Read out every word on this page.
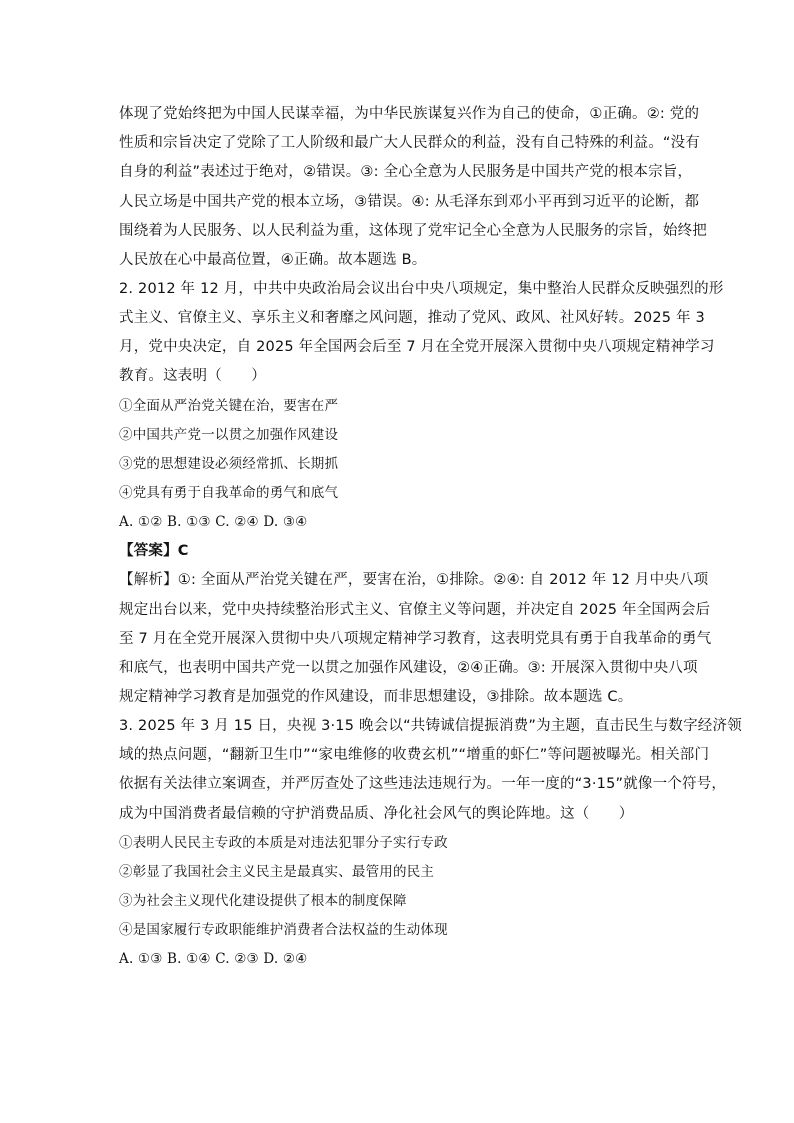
体现了党始终把为中国人民谋幸福，为中华民族谋复兴作为自己的使命，①正确。②: 党的
性质和宗旨决定了党除了工人阶级和最广大人民群众的利益，没有自己特殊的利益。“没有
自身的利益”表述过于绝对，②错误。③: 全心全意为人民服务是中国共产党的根本宗旨，
人民立场是中国共产党的根本立场，③错误。④: 从毛泽东到邓小平再到习近平的论断，都
围绕着为人民服务、以人民利益为重，这体现了党牢记全心全意为人民服务的宗旨，始终把
人民放在心中最高位置，④正确。故本题选 B。
2. 2012 年 12 月，中共中央政治局会议出台中央八项规定，集中整治人民群众反映强烈的形
式主义、官僚主义、享乐主义和奢靡之风问题，推动了党风、政风、社风好转。2025 年 3
月，党中央决定，自 2025 年全国两会后至 7 月在全党开展深入贯彻中央八项规定精神学习
教育。这表明（　　）
①全面从严治党关键在治，要害在严
②中国共产党一以贯之加强作风建设
③党的思想建设必须经常抓、长期抓
④党具有勇于自我革命的勇气和底气
A. ①② B. ①③ C. ②④ D. ③④
【答案】C
【解析】①: 全面从严治党关键在严，要害在治，①排除。②④: 自 2012 年 12 月中央八项
规定出台以来，党中央持续整治形式主义、官僚主义等问题，并决定自 2025 年全国两会后
至 7 月在全党开展深入贯彻中央八项规定精神学习教育，这表明党具有勇于自我革命的勇气
和底气，也表明中国共产党一以贯之加强作风建设，②④正确。③: 开展深入贯彻中央八项
规定精神学习教育是加强党的作风建设，而非思想建设，③排除。故本题选 C。
3. 2025 年 3 月 15 日，央视 3·15 晚会以“共铸诚信提振消费”为主题，直击民生与数字经济领
域的热点问题，“翻新卫生巾”“家电维修的收费玄机”“增重的虾仁”等问题被曝光。相关部门
依据有关法律立案调查，并严厉查处了这些违法违规行为。一年一度的“3·15”就像一个符号，
成为中国消费者最信赖的守护消费品质、净化社会风气的舆论阵地。这（　　）
①表明人民民主专政的本质是对违法犯罪分子实行专政
②彰显了我国社会主义民主是最真实、最管用的民主
③为社会主义现代化建设提供了根本的制度保障
④是国家履行专政职能维护消费者合法权益的生动体现
A. ①③ B. ①④ C. ②③ D. ②④
